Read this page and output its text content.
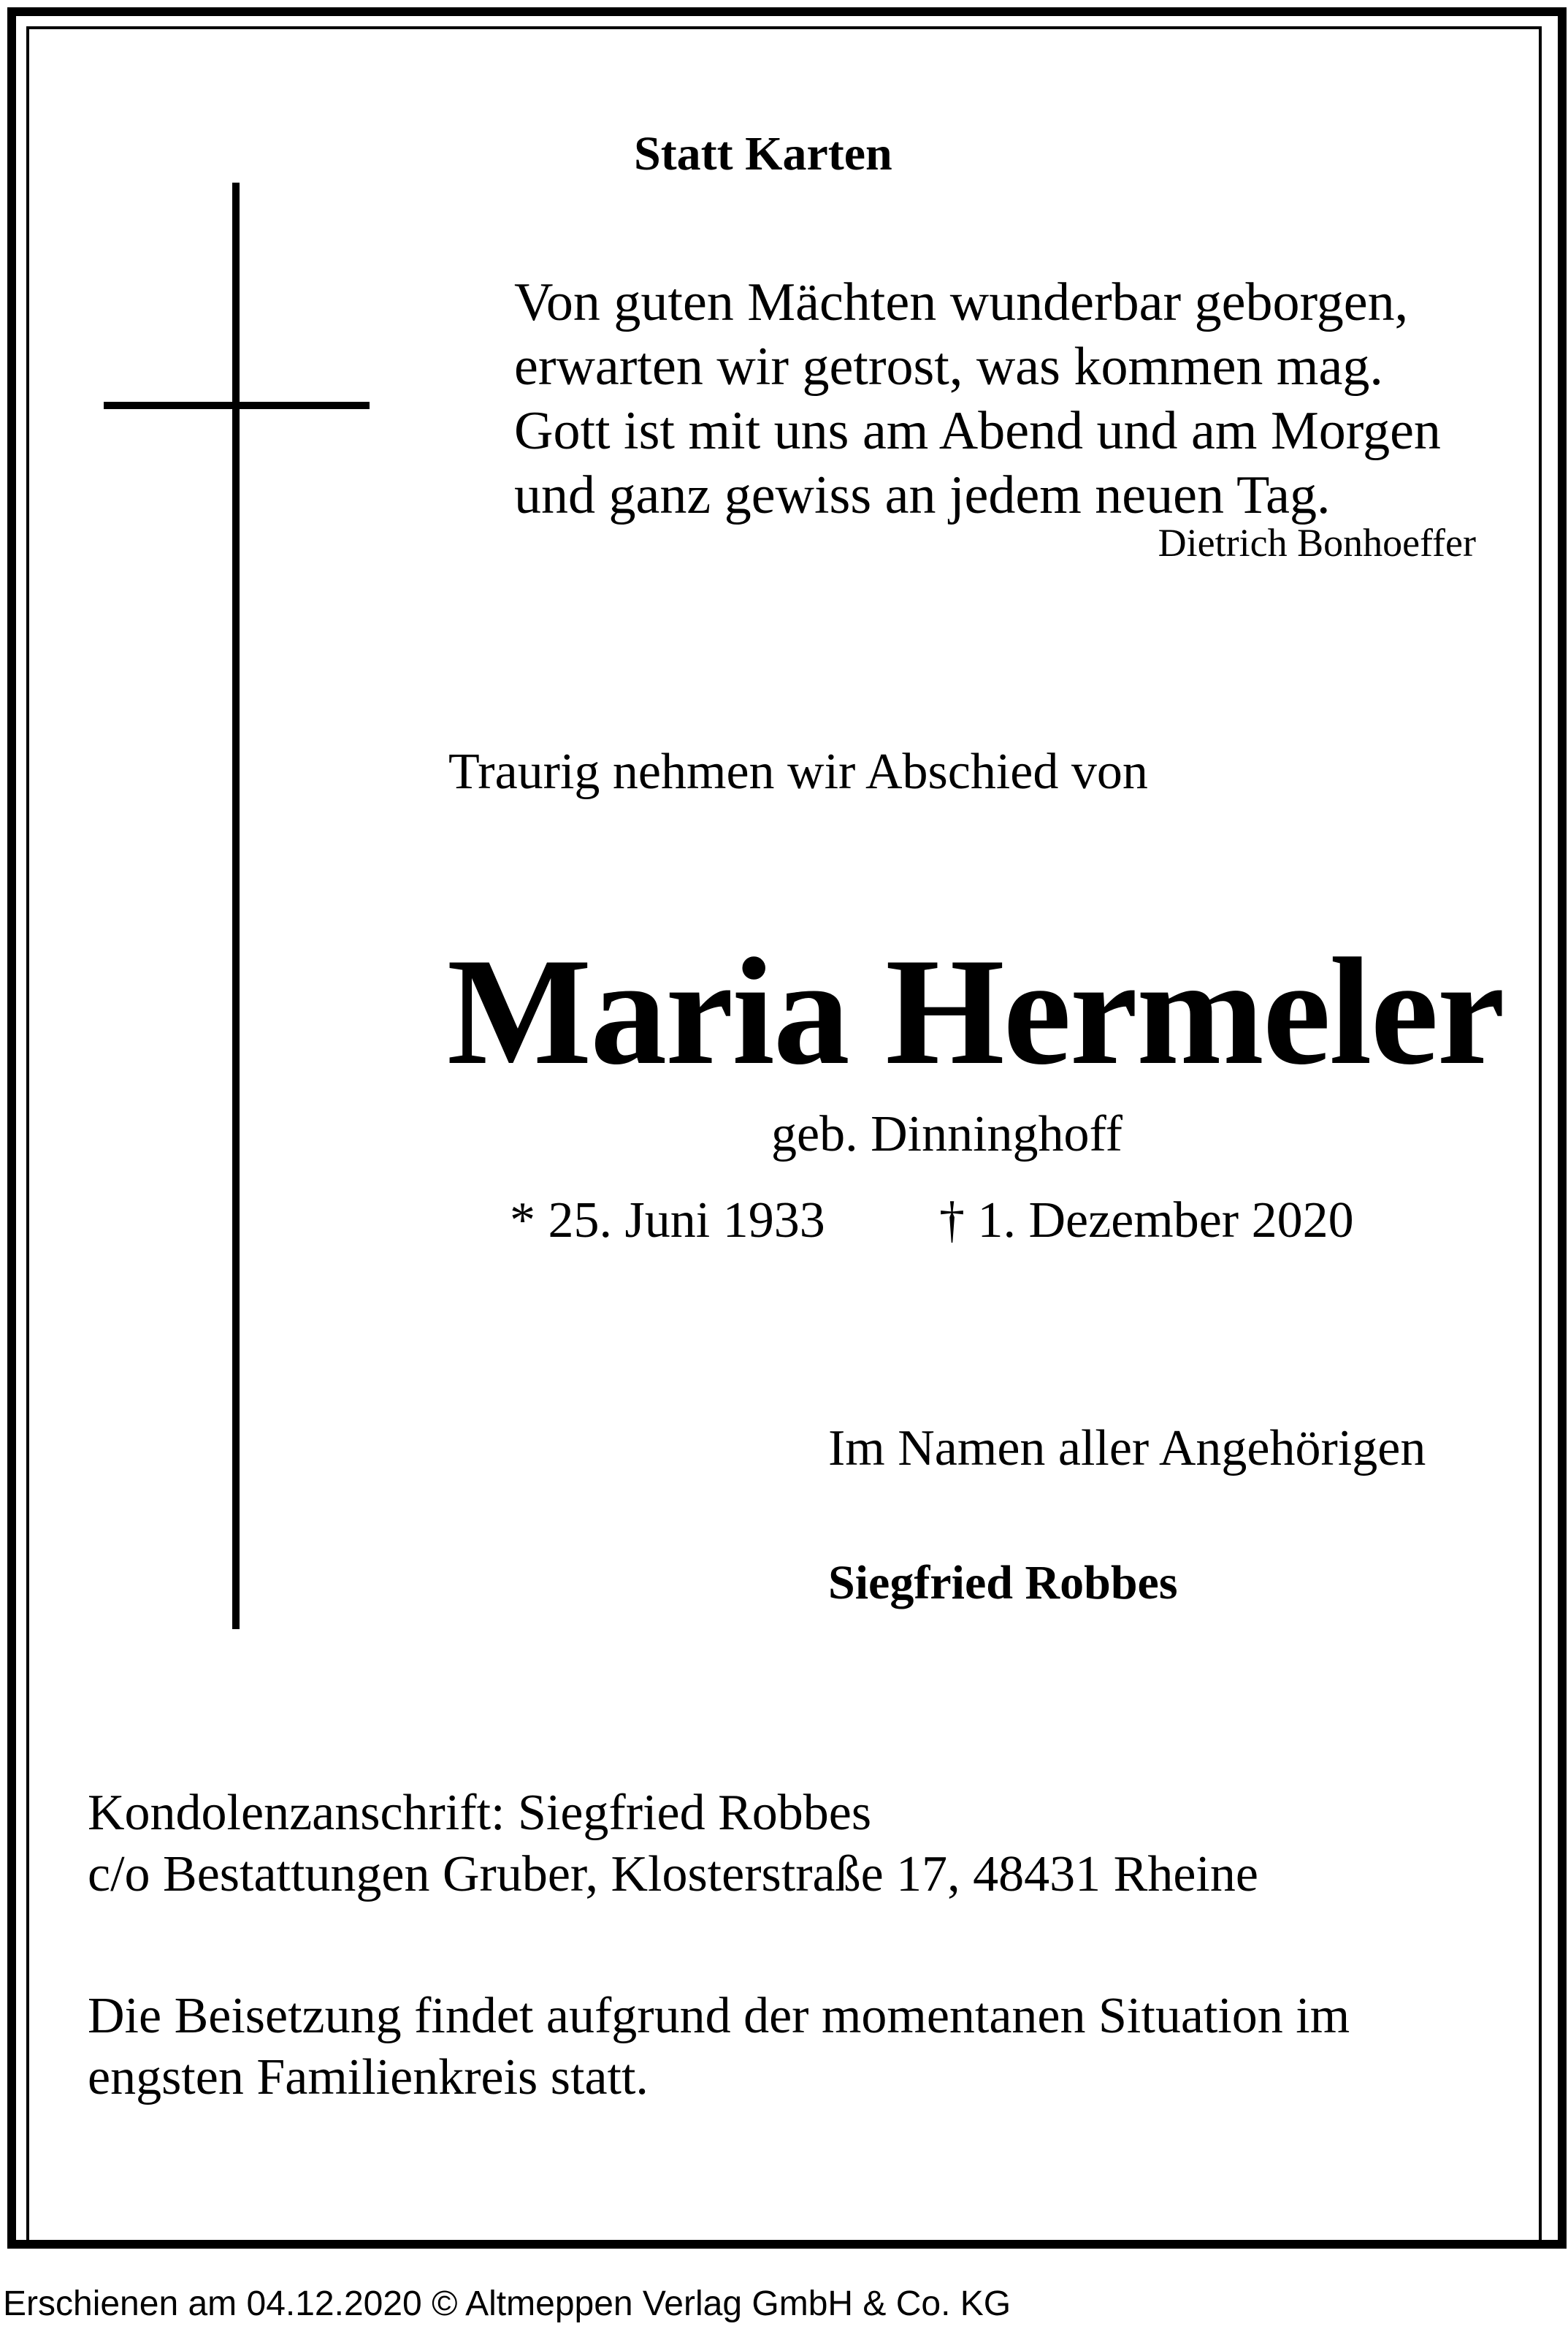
Statt Karten
Von guten Mächten wunderbar geborgen,
erwarten wir getrost, was kommen mag.
Gott ist mit uns am Abend und am Morgen
und ganz gewiss an jedem neuen Tag.
Dietrich Bonhoeffer
Traurig nehmen wir Abschied von
Maria Hermeler
geb. Dinninghoff
* 25. Juni 1933 † 1. Dezember 2020
Im Namen aller Angehörigen
Siegfried Robbes
Kondolenzanschrift: Siegfried Robbes
c/o Bestattungen Gruber, Klosterstraße 17, 48431 Rheine
Die Beisetzung findet aufgrund der momentanen Situation im
engsten Familienkreis statt.
Erschienen am 04.12.2020 © Altmeppen Verlag GmbH & Co. KG
